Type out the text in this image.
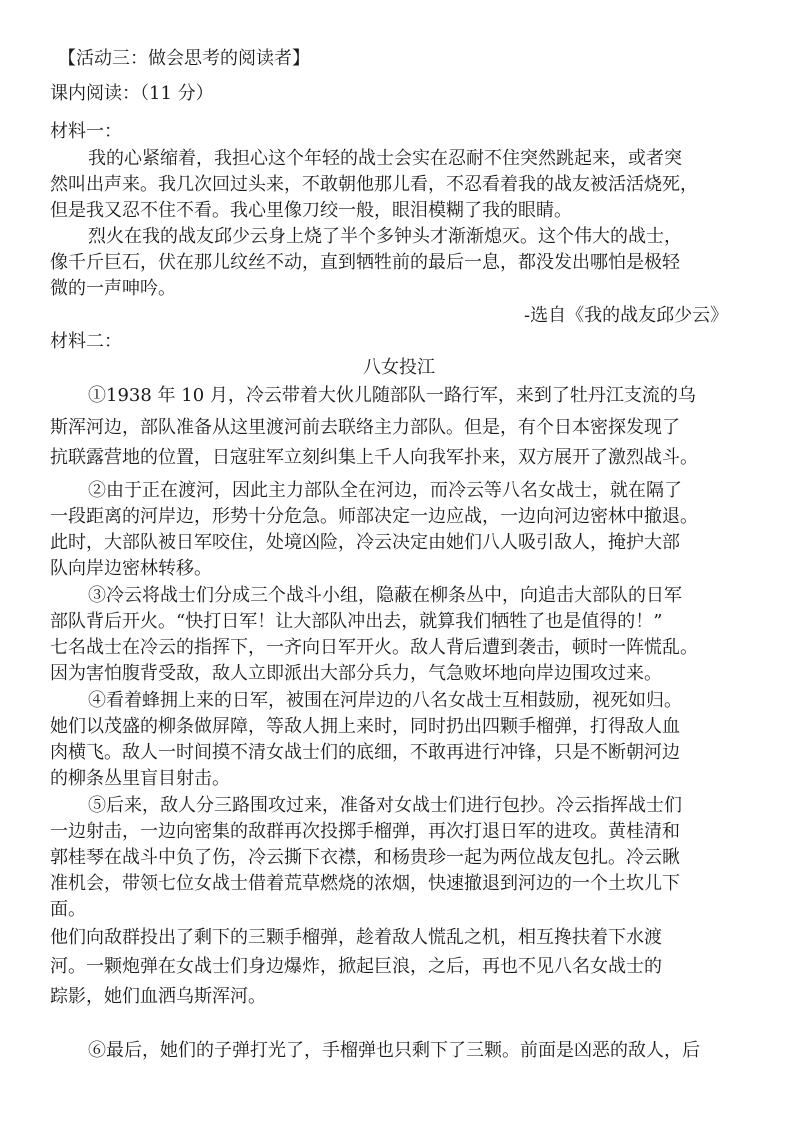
【活动三：做会思考的阅读者】
课内阅读：（11 分）
材料一：
我的心紧缩着，我担心这个年轻的战士会实在忍耐不住突然跳起来，或者突
然叫出声来。我几次回过头来，不敢朝他那儿看，不忍看着我的战友被活活烧死，
但是我又忍不住不看。我心里像刀绞一般，眼泪模糊了我的眼睛。
烈火在我的战友邱少云身上烧了半个多钟头才渐渐熄灭。这个伟大的战士，
像千斤巨石，伏在那儿纹丝不动，直到牺牲前的最后一息，都没发出哪怕是极轻
微的一声呻吟。
-选自《我的战友邱少云》
材料二：
八女投江
①1938 年 10 月，冷云带着大伙儿随部队一路行军，来到了牡丹江支流的乌
斯浑河边，部队准备从这里渡河前去联络主力部队。但是，有个日本密探发现了
抗联露营地的位置，日寇驻军立刻纠集上千人向我军扑来，双方展开了激烈战斗。
②由于正在渡河，因此主力部队全在河边，而冷云等八名女战士，就在隔了
一段距离的河岸边，形势十分危急。师部决定一边应战，一边向河边密林中撤退。
此时，大部队被日军咬住，处境凶险，冷云决定由她们八人吸引敌人，掩护大部
队向岸边密林转移。
③冷云将战士们分成三个战斗小组，隐蔽在柳条丛中，向追击大部队的日军
部队背后开火。“快打日军！让大部队冲出去，就算我们牺牲了也是值得的！”
七名战士在冷云的指挥下，一齐向日军开火。敌人背后遭到袭击，顿时一阵慌乱。
因为害怕腹背受敌，敌人立即派出大部分兵力，气急败坏地向岸边围攻过来。
④看着蜂拥上来的日军，被围在河岸边的八名女战士互相鼓励，视死如归。
她们以茂盛的柳条做屏障，等敌人拥上来时，同时扔出四颗手榴弹，打得敌人血
肉横飞。敌人一时间摸不清女战士们的底细，不敢再进行冲锋，只是不断朝河边
的柳条丛里盲目射击。
⑤后来，敌人分三路围攻过来，准备对女战士们进行包抄。冷云指挥战士们
一边射击，一边向密集的敌群再次投掷手榴弹，再次打退日军的进攻。黄桂清和
郭桂琴在战斗中负了伤，冷云撕下衣襟，和杨贵珍一起为两位战友包扎。冷云瞅
准机会，带领七位女战士借着荒草燃烧的浓烟，快速撤退到河边的一个土坎儿下
面。
他们向敌群投出了剩下的三颗手榴弹，趁着敌人慌乱之机，相互搀扶着下水渡
河。一颗炮弹在女战士们身边爆炸，掀起巨浪，之后，再也不见八名女战士的
踪影，她们血洒乌斯浑河。
⑥最后，她们的子弹打光了，手榴弹也只剩下了三颗。前面是凶恶的敌人，后
